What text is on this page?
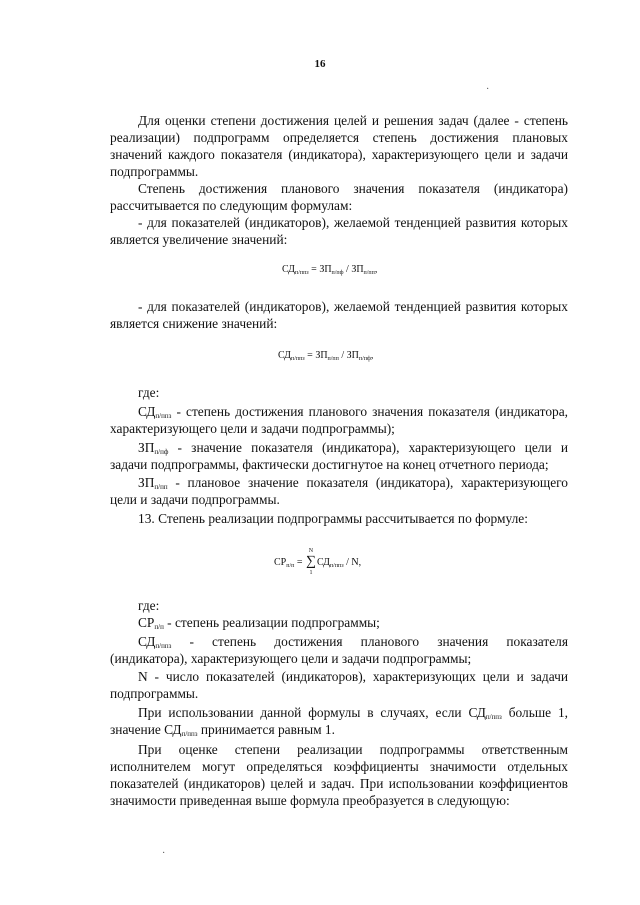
16
·
Для оценки степени достижения целей и решения задач (далее - степень
реализации) подпрограмм определяется степень достижения плановых
значений каждого показателя (индикатора), характеризующего цели и задачи
подпрограммы.
Степень достижения планового значения показателя (индикатора)
рассчитывается по следующим формулам:
- для показателей (индикаторов), желаемой тенденцией развития которых
является увеличение значений:
$СД_{п/ппз} = ЗП_{п/пф} / ЗП_{п/пп}$,
- для показателей (индикаторов), желаемой тенденцией развития которых
является снижение значений:
$СД_{п/ппз} = ЗП_{п/пп} / ЗП_{п/пф}$,
где:
СДп/ппз - степень достижения планового значения показателя (индикатора,
характеризующего цели и задачи подпрограммы);
ЗПп/пф - значение показателя (индикатора), характеризующего цели и
задачи подпрограммы, фактически достигнутое на конец отчетного периода;
ЗПп/пп - плановое значение показателя (индикатора), характеризующего
цели и задачи подпрограммы.
13. Степень реализации подпрограммы рассчитывается по формуле:
$СР_{п/п}$ =
N
∑
1
$СД_{п/ппз}$ / N,
где:
СРп/п - степень реализации подпрограммы;
СДп/ппз - степень достижения планового значения показателя
(индикатора), характеризующего цели и задачи подпрограммы;
N - число показателей (индикаторов), характеризующих цели и задачи
подпрограммы.
При использовании данной формулы в случаях, если СДп/ппз больше 1,
значение СДп/ппз принимается равным 1.
При оценке степени реализации подпрограммы ответственным
исполнителем могут определяться коэффициенты значимости отдельных
показателей (индикаторов) целей и задач. При использовании коэффициентов
значимости приведенная выше формула преобразуется в следующую:
·
